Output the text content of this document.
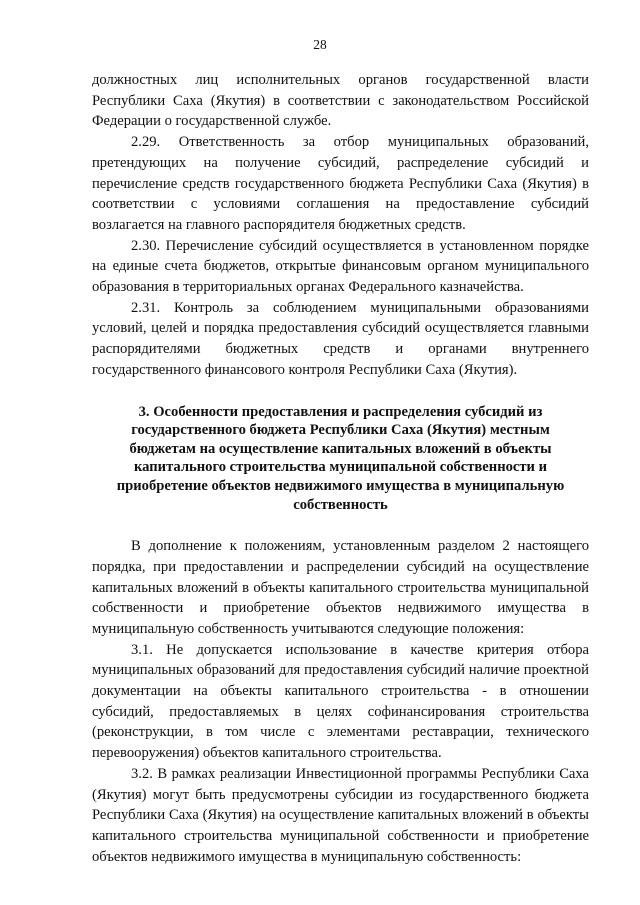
28

должностных лиц исполнительных органов государственной власти Республики Саха (Якутия) в соответствии с законодательством Российской Федерации о государственной службе.

2.29. Ответственность за отбор муниципальных образований, претендующих на получение субсидий, распределение субсидий и перечисление средств государственного бюджета Республики Саха (Якутия) в соответствии с условиями соглашения на предоставление субсидий возлагается на главного распорядителя бюджетных средств.

2.30. Перечисление субсидий осуществляется в установленном порядке на единые счета бюджетов, открытые финансовым органом муниципального образования в территориальных органах Федерального казначейства.

2.31. Контроль за соблюдением муниципальными образованиями условий, целей и порядка предоставления субсидий осуществляется главными распорядителями бюджетных средств и органами внутреннего государственного финансового контроля Республики Саха (Якутия).

3. Особенности предоставления и распределения субсидий из государственного бюджета Республики Саха (Якутия) местным бюджетам на осуществление капитальных вложений в объекты капитального строительства муниципальной собственности и приобретение объектов недвижимого имущества в муниципальную собственность

В дополнение к положениям, установленным разделом 2 настоящего порядка, при предоставлении и распределении субсидий на осуществление капитальных вложений в объекты капитального строительства муниципальной собственности и приобретение объектов недвижимого имущества в муниципальную собственность учитываются следующие положения:

3.1. Не допускается использование в качестве критерия отбора муниципальных образований для предоставления субсидий наличие проектной документации на объекты капитального строительства - в отношении субсидий, предоставляемых в целях софинансирования строительства (реконструкции, в том числе с элементами реставрации, технического перевооружения) объектов капитального строительства.

3.2. В рамках реализации Инвестиционной программы Республики Саха (Якутия) могут быть предусмотрены субсидии из государственного бюджета Республики Саха (Якутия) на осуществление капитальных вложений в объекты капитального строительства муниципальной собственности и приобретение объектов недвижимого имущества в муниципальную собственность:
